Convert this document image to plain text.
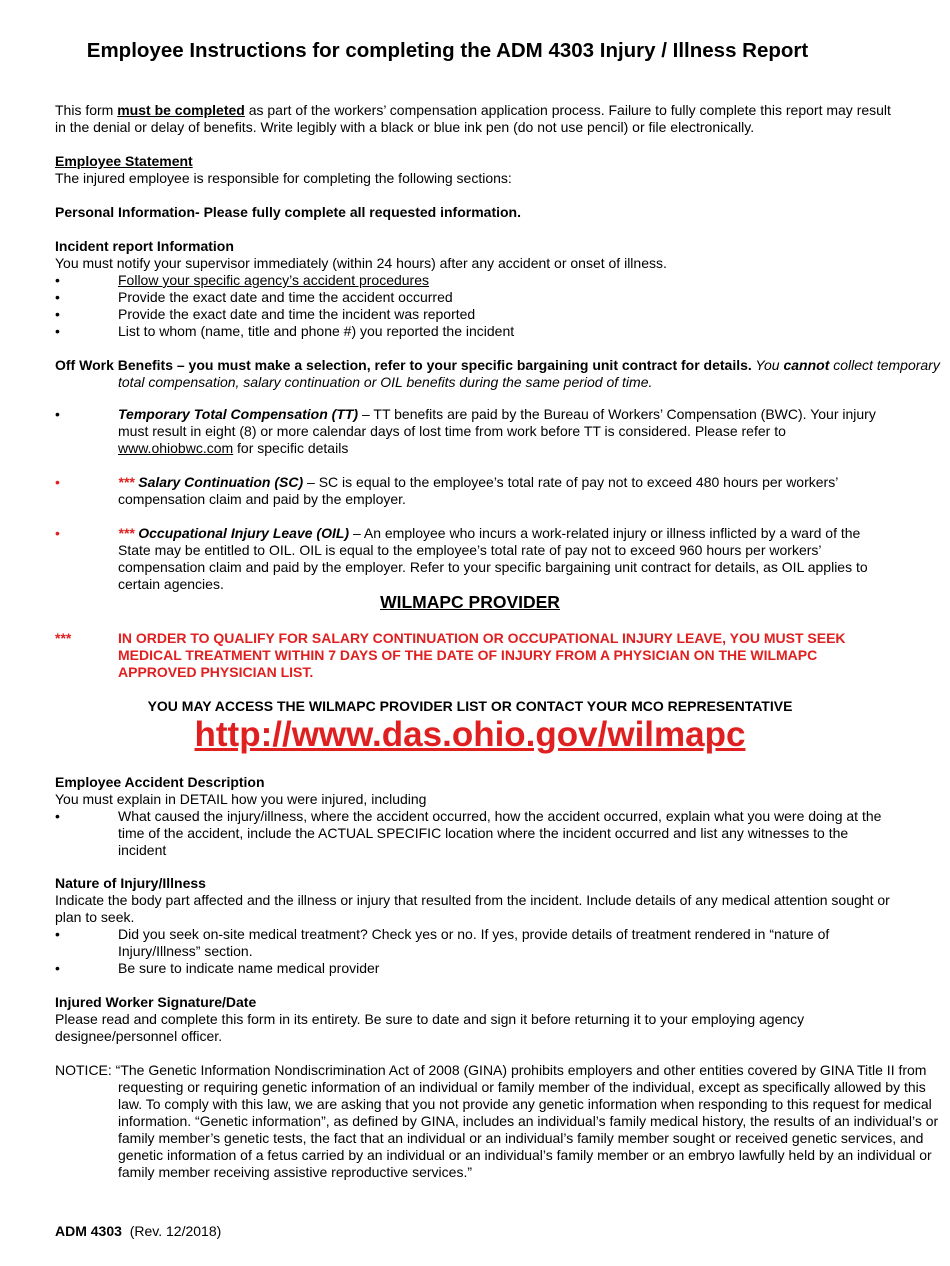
Employee Instructions for completing the ADM 4303 Injury / Illness Report
This form must be completed as part of the workers’ compensation application process. Failure to fully complete this report may result in the denial or delay of benefits. Write legibly with a black or blue ink pen (do not use pencil) or file electronically.
Employee Statement
The injured employee is responsible for completing the following sections:
Personal Information- Please fully complete all requested information.
Incident report Information
You must notify your supervisor immediately (within 24 hours) after any accident or onset of illness.
•	Follow your specific agency’s accident procedures
•	Provide the exact date and time the accident occurred
•	Provide the exact date and time the incident was reported
•	List to whom (name, title and phone #) you reported the incident
Off Work Benefits – you must make a selection, refer to your specific bargaining unit contract for details. You cannot collect temporary total compensation, salary continuation or OIL benefits during the same period of time.
•	Temporary Total Compensation (TT) – TT benefits are paid by the Bureau of Workers’ Compensation (BWC). Your injury must result in eight (8) or more calendar days of lost time from work before TT is considered. Please refer to www.ohiobwc.com for specific details
•	*** Salary Continuation (SC) – SC is equal to the employee’s total rate of pay not to exceed 480 hours per workers’ compensation claim and paid by the employer.
•	*** Occupational Injury Leave (OIL) – An employee who incurs a work-related injury or illness inflicted by a ward of the State may be entitled to OIL. OIL is equal to the employee’s total rate of pay not to exceed 960 hours per workers’ compensation claim and paid by the employer. Refer to your specific bargaining unit contract for details, as OIL applies to certain agencies.
WILMAPC PROVIDER
***	IN ORDER TO QUALIFY FOR SALARY CONTINUATION OR OCCUPATIONAL INJURY LEAVE, YOU MUST SEEK MEDICAL TREATMENT WITHIN 7 DAYS OF THE DATE OF INJURY FROM A PHYSICIAN ON THE WILMAPC APPROVED PHYSICIAN LIST.
YOU MAY ACCESS THE WILMAPC PROVIDER LIST OR CONTACT YOUR MCO REPRESENTATIVE
http://www.das.ohio.gov/wilmapc
Employee Accident Description
You must explain in DETAIL how you were injured, including
•	What caused the injury/illness, where the accident occurred, how the accident occurred, explain what you were doing at the time of the accident, include the ACTUAL SPECIFIC location where the incident occurred and list any witnesses to the incident
Nature of Injury/Illness
Indicate the body part affected and the illness or injury that resulted from the incident. Include details of any medical attention sought or plan to seek.
•	Did you seek on-site medical treatment? Check yes or no. If yes, provide details of treatment rendered in “nature of Injury/Illness” section.
•	Be sure to indicate name medical provider
Injured Worker Signature/Date
Please read and complete this form in its entirety. Be sure to date and sign it before returning it to your employing agency designee/personnel officer.
NOTICE: “The Genetic Information Nondiscrimination Act of 2008 (GINA) prohibits employers and other entities covered by GINA Title II from requesting or requiring genetic information of an individual or family member of the individual, except as specifically allowed by this law. To comply with this law, we are asking that you not provide any genetic information when responding to this request for medical information. “Genetic information”, as defined by GINA, includes an individual’s family medical history, the results of an individual’s or family member’s genetic tests, the fact that an individual or an individual’s family member sought or received genetic services, and genetic information of a fetus carried by an individual or an individual’s family member or an embryo lawfully held by an individual or family member receiving assistive reproductive services.”
ADM 4303 (Rev. 12/2018)
